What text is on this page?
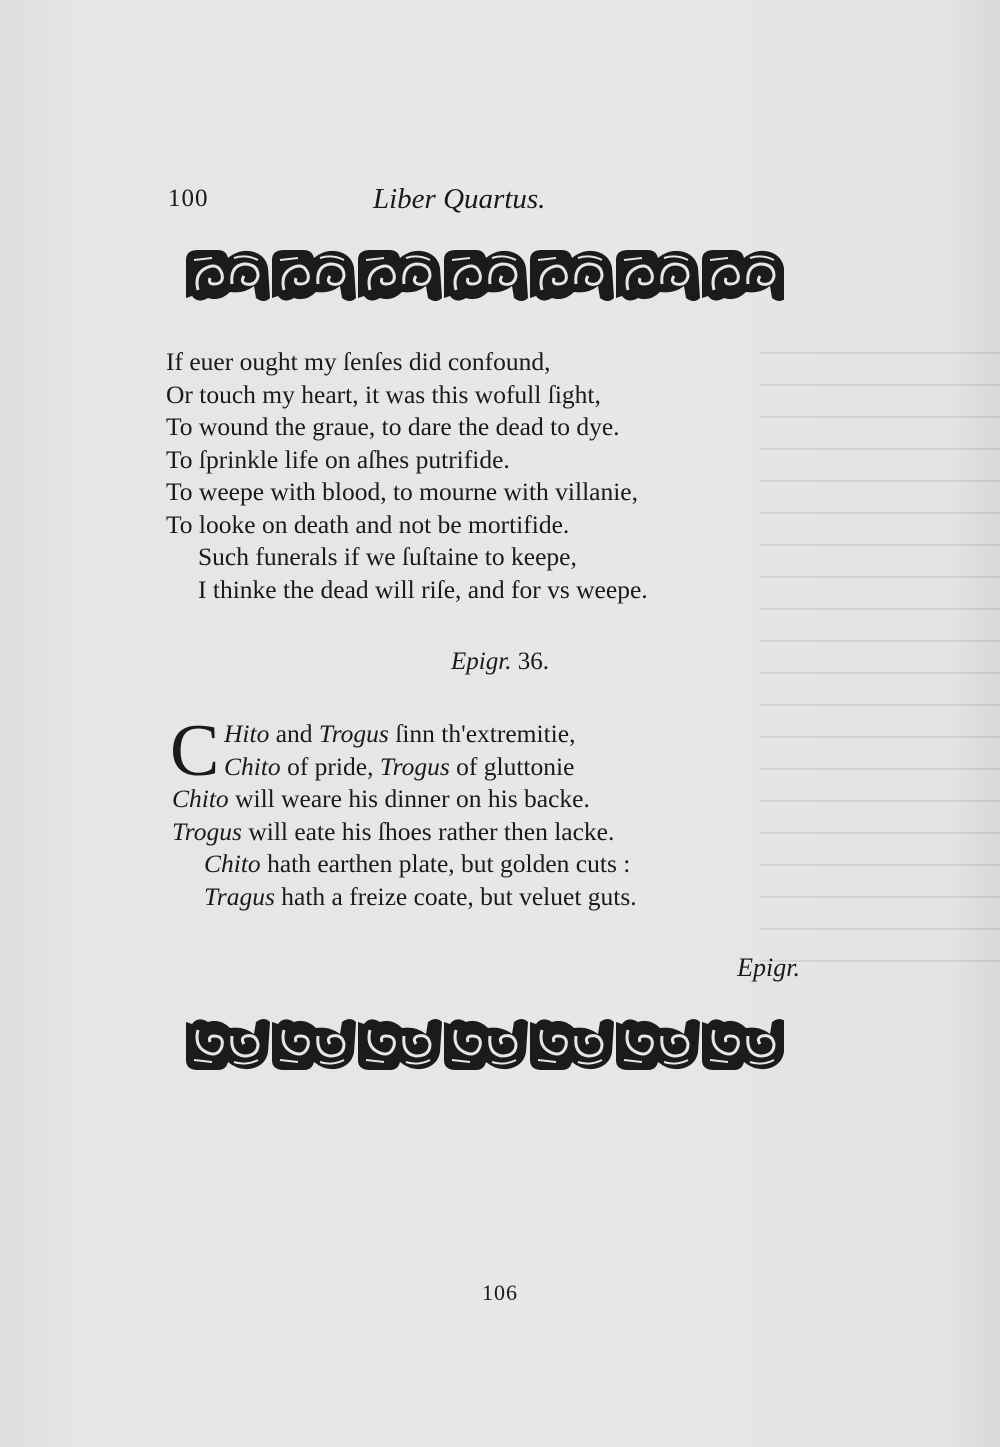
100	Liber Quartus.
If euer ought my ſenſes did confound,
Or touch my heart, it was this wofull ſight,
To wound the graue, to dare the dead to dye.
To ſprinkle life on aſhes putrifide.
To weepe with blood, to mourne with villanie,
To looke on death and not be mortifide.
Such funerals if we ſuſtaine to keepe,
I thinke the dead will riſe, and for vs weepe.
Epigr. 36.
C Hito and Trogus ſinn th'extremitie,
Chito of pride, Trogus of gluttonie
Chito will weare his dinner on his backe.
Trogus will eate his ſhoes rather then lacke.
Chito hath earthen plate, but golden cuts :
Tragus hath a freize coate, but veluet guts.
Epigr.
106
